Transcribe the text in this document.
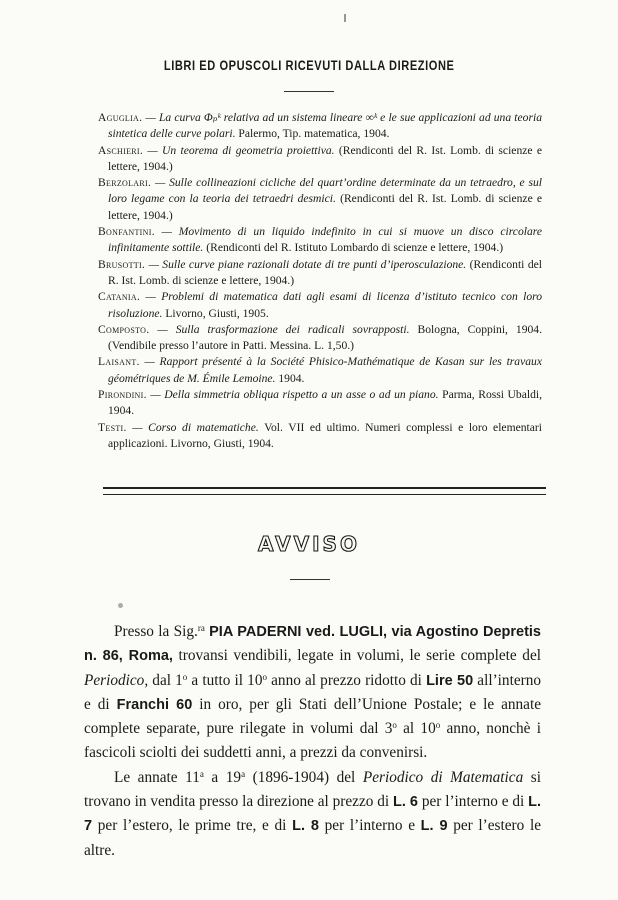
LIBRI ED OPUSCOLI RICEVUTI DALLA DIREZIONE

Aguglia. — La curva Φₚᵏ relativa ad un sistema lineare ∞ᵏ e le sue applicazioni ad una teoria sintetica delle curve polari. Palermo, Tip. matematica, 1904.

Aschieri. — Un teorema di geometria proiettiva. (Rendiconti del R. Ist. Lomb. di scienze e lettere, 1904.)

Berzolari. — Sulle collineazioni cicliche del quart’ordine determinate da un tetraedro, e sul loro legame con la teoria dei tetraedri desmici. (Rendiconti del R. Ist. Lomb. di scienze e lettere, 1904.)

Bonfantini. — Movimento di un liquido indefinito in cui si muove un disco circolare infinitamente sottile. (Rendiconti del R. Istituto Lombardo di scienze e lettere, 1904.)

Brusotti. — Sulle curve piane razionali dotate di tre punti d’iperosculazione. (Rendiconti del R. Ist. Lomb. di scienze e lettere, 1904.)

Catania. — Problemi di matematica dati agli esami di licenza d’istituto tecnico con loro risoluzione. Livorno, Giusti, 1905.

Composto. — Sulla trasformazione dei radicali sovrapposti. Bologna, Coppini, 1904. (Vendibile presso l’autore in Patti. Messina. L. 1,50.)

Laisant. — Rapport présenté à la Société Phisico-Mathématique de Kasan sur les travaux géométriques de M. Émile Lemoine. 1904.

Pirondini. — Della simmetria obliqua rispetto a un asse o ad un piano. Parma, Rossi Ubaldi, 1904.

Testi. — Corso di matematiche. Vol. VII ed ultimo. Numeri complessi e loro elementari applicazioni. Livorno, Giusti, 1904.

AVVISO

Presso la Sig.$^{ra}$ PIA PADERNI ved. LUGLI, via Agostino Depretis n. 86, Roma, trovansi vendibili, legate in volumi, le serie complete del Periodico, dal 1$^o$ a tutto il 10$^o$ anno al prezzo ridotto di Lire 50 all’interno e di Franchi 60 in oro, per gli Stati dell’Unione Postale; e le annate complete separate, pure rilegate in volumi dal 3$^o$ al 10$^o$ anno, nonchè i fascicoli sciolti dei suddetti anni, a prezzi da convenirsi.

Le annate 11$^a$ a 19$^a$ (1896-1904) del Periodico di Matematica si trovano in vendita presso la direzione al prezzo di L. 6 per l’interno e di L. 7 per l’estero, le prime tre, e di L. 8 per l’interno e L. 9 per l’estero le altre.
